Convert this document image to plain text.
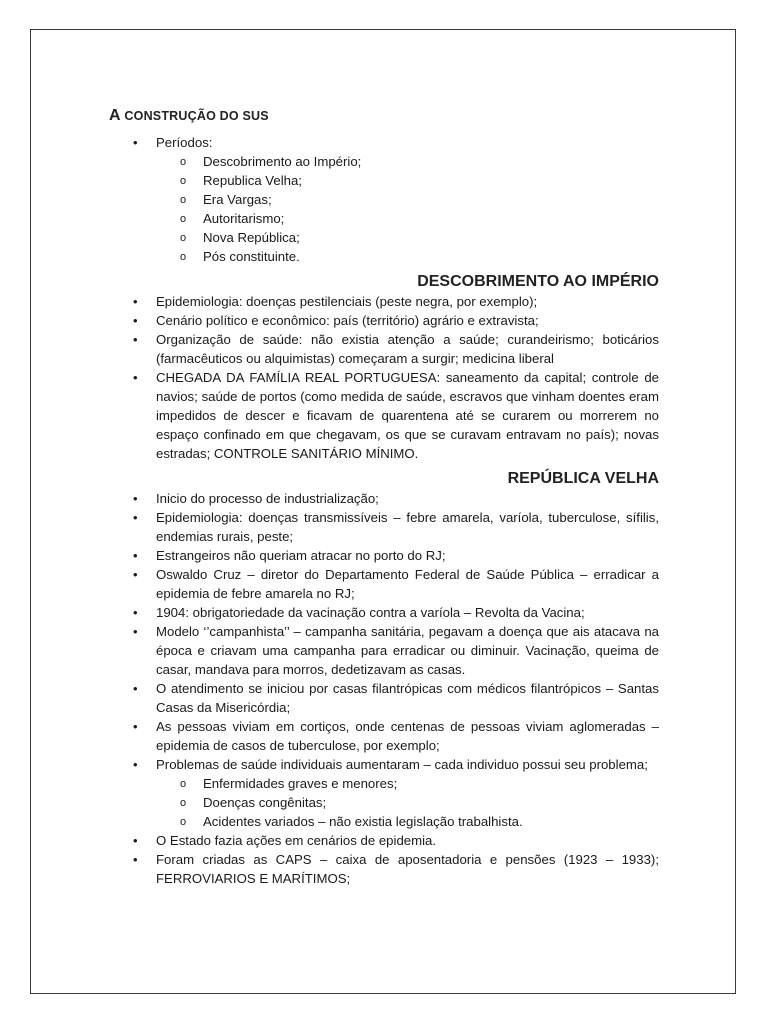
A CONSTRUÇÃO DO SUS
• Períodos:
o Descobrimento ao Império;
o Republica Velha;
o Era Vargas;
o Autoritarismo;
o Nova República;
o Pós constituinte.
DESCOBRIMENTO AO IMPÉRIO
• Epidemiologia: doenças pestilenciais (peste negra, por exemplo);
• Cenário político e econômico: país (território) agrário e extravista;
• Organização de saúde: não existia atenção a saúde; curandeirismo; boticários (farmacêuticos ou alquimistas) começaram a surgir; medicina liberal
• CHEGADA DA FAMÍLIA REAL PORTUGUESA: saneamento da capital; controle de navios; saúde de portos (como medida de saúde, escravos que vinham doentes eram impedidos de descer e ficavam de quarentena até se curarem ou morrerem no espaço confinado em que chegavam, os que se curavam entravam no país); novas estradas; CONTROLE SANITÁRIO MÍNIMO.
REPÚBLICA VELHA
• Inicio do processo de industrialização;
• Epidemiologia: doenças transmissíveis – febre amarela, varíola, tuberculose, sífilis, endemias rurais, peste;
• Estrangeiros não queriam atracar no porto do RJ;
• Oswaldo Cruz – diretor do Departamento Federal de Saúde Pública – erradicar a epidemia de febre amarela no RJ;
• 1904: obrigatoriedade da vacinação contra a varíola – Revolta da Vacina;
• Modelo ‘’campanhista’’ – campanha sanitária, pegavam a doença que ais atacava na época e criavam uma campanha para erradicar ou diminuir. Vacinação, queima de casar, mandava para morros, dedetizavam as casas.
• O atendimento se iniciou por casas filantrópicas com médicos filantrópicos – Santas Casas da Misericórdia;
• As pessoas viviam em cortiços, onde centenas de pessoas viviam aglomeradas – epidemia de casos de tuberculose, por exemplo;
• Problemas de saúde individuais aumentaram – cada individuo possui seu problema;
o Enfermidades graves e menores;
o Doenças congênitas;
o Acidentes variados – não existia legislação trabalhista.
• O Estado fazia ações em cenários de epidemia.
• Foram criadas as CAPS – caixa de aposentadoria e pensões (1923 – 1933); FERROVIARIOS E MARÍTIMOS;
